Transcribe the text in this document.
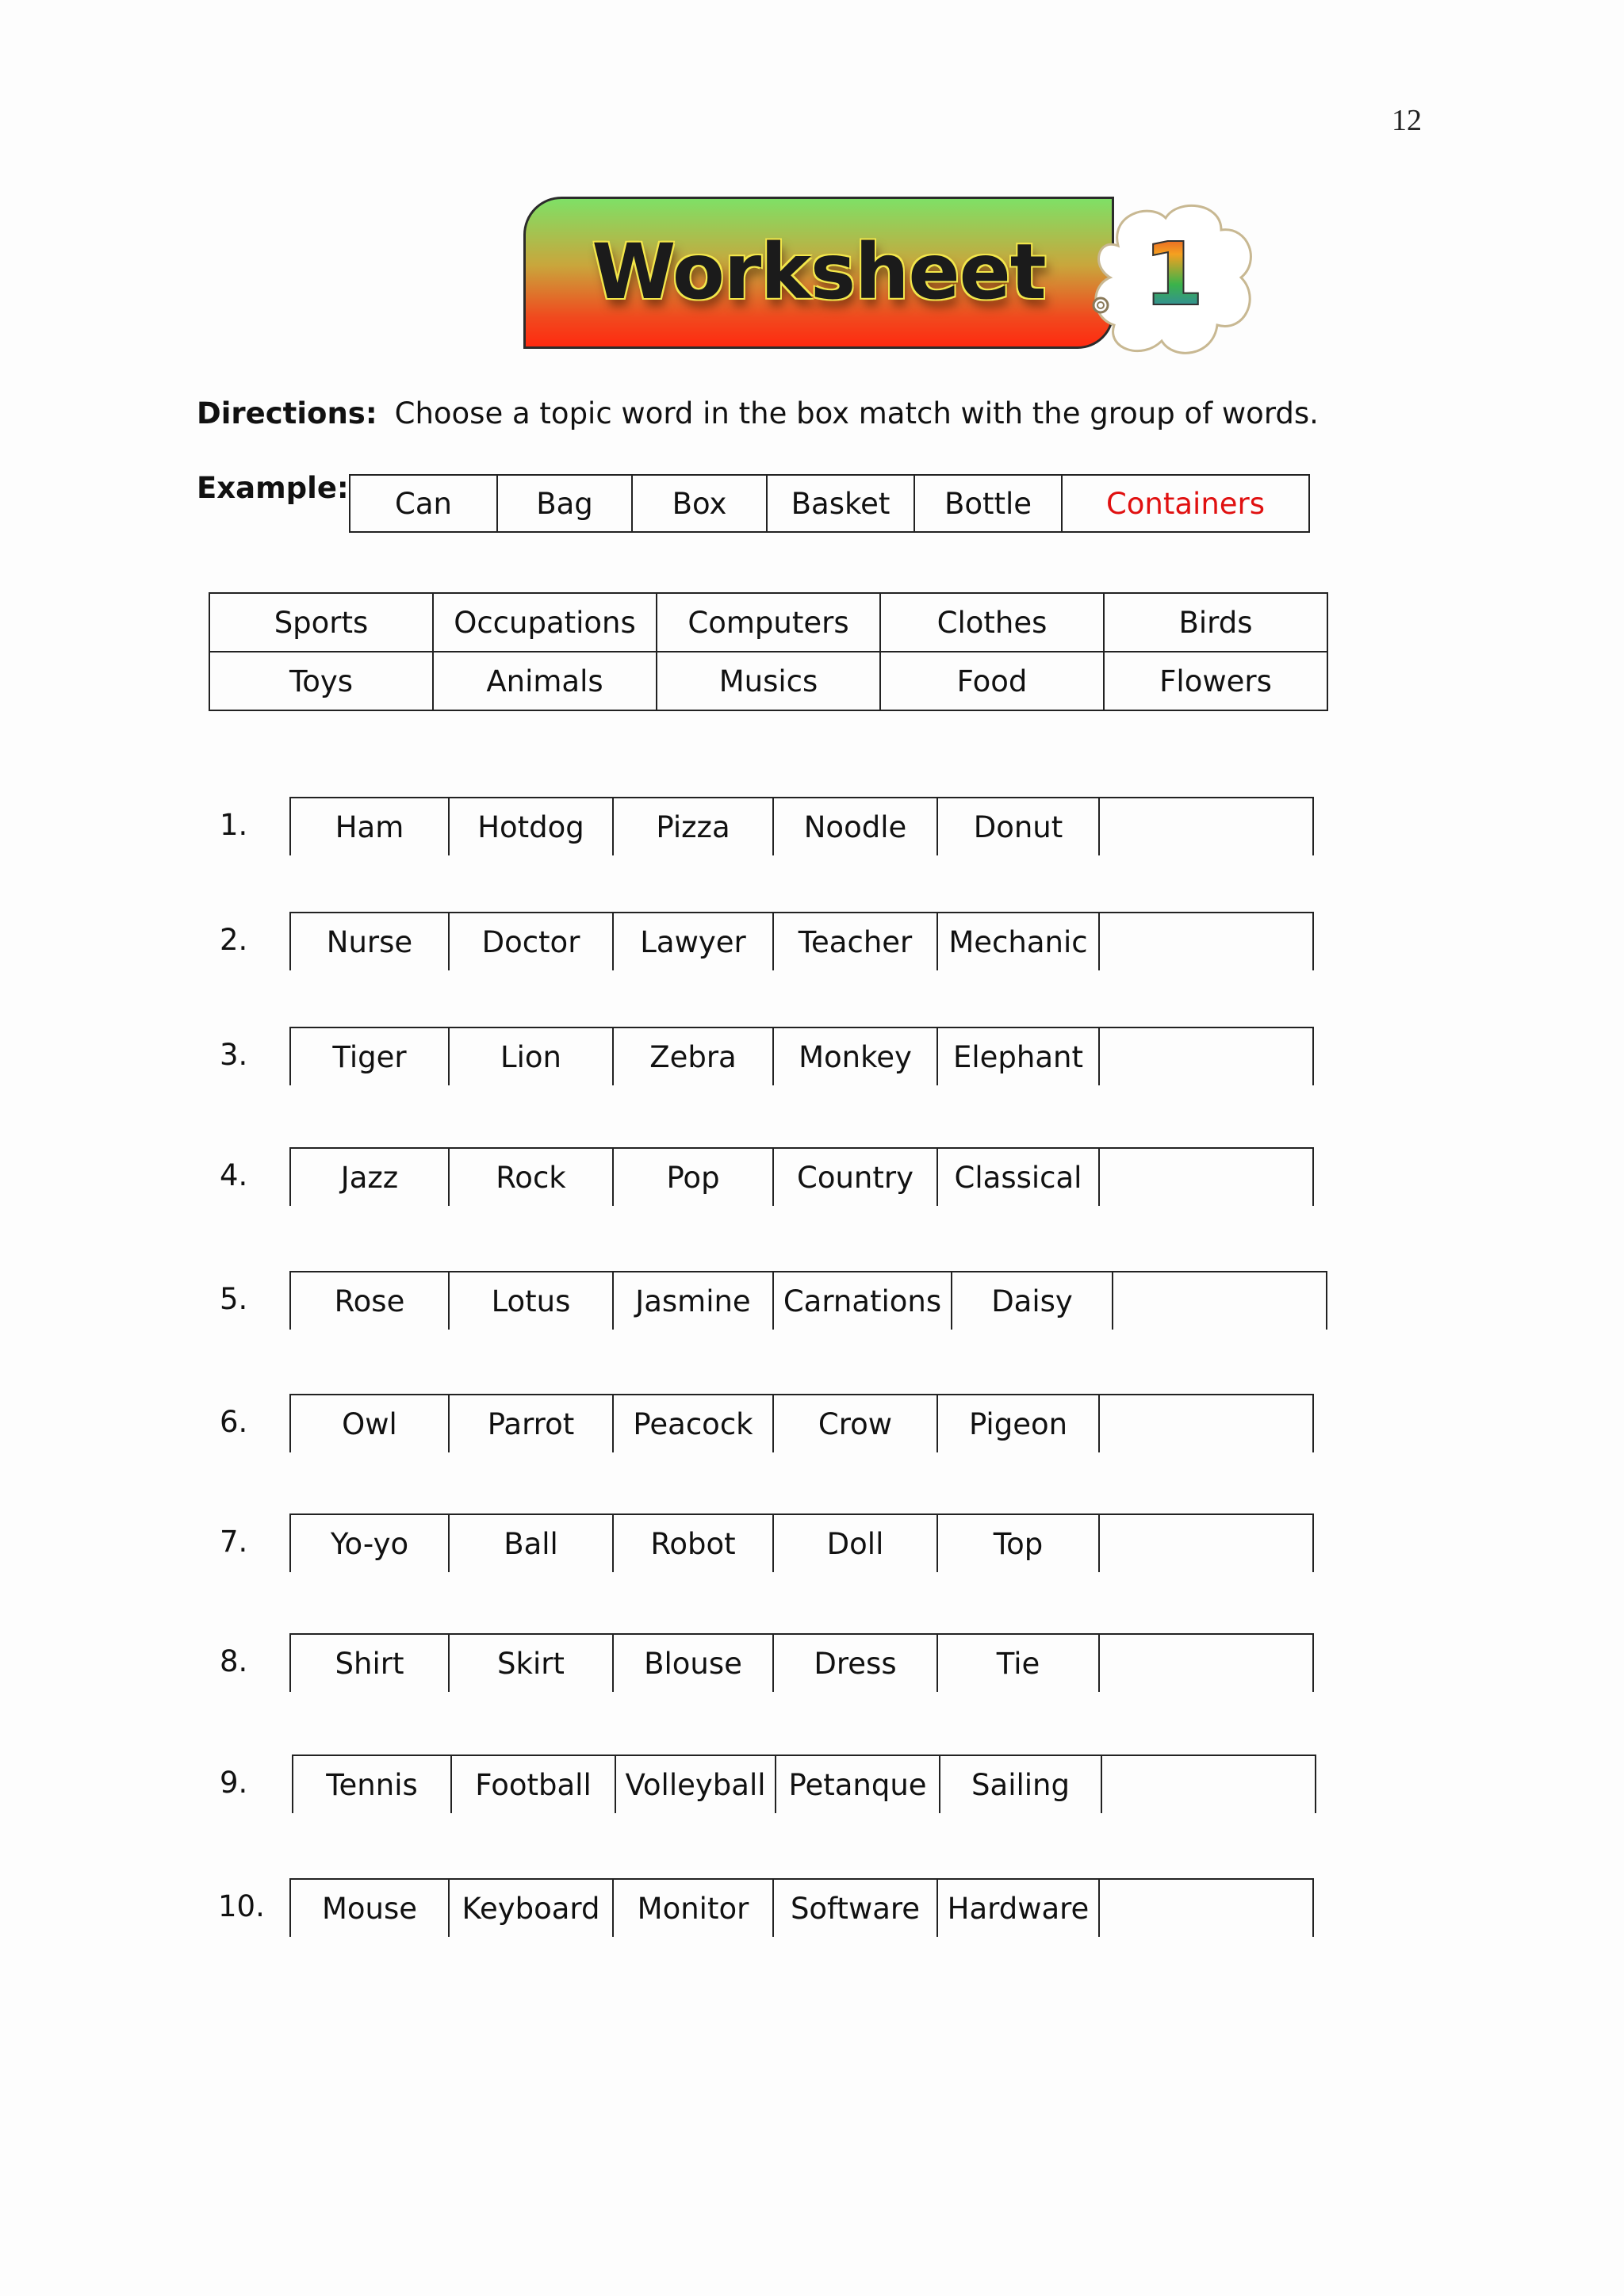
12
Worksheet	1
Directions: Choose a topic word in the box match with the group of words.
Example: Can	Bag	Box	Basket	Bottle	Containers
Sports	Occupations	Computers	Clothes	Birds
Toys	Animals	Musics	Food	Flowers
1.	Ham	Hotdog	Pizza	Noodle	Donut	
2.	Nurse	Doctor	Lawyer	Teacher	Mechanic	
3.	Tiger	Lion	Zebra	Monkey	Elephant	
4.	Jazz	Rock	Pop	Country	Classical	
5.	Rose	Lotus	Jasmine	Carnations	Daisy	
6.	Owl	Parrot	Peacock	Crow	Pigeon	
7.	Yo-yo	Ball	Robot	Doll	Top	
8.	Shirt	Skirt	Blouse	Dress	Tie	
9.	Tennis	Football	Volleyball	Petanque	Sailing	
10. Mouse	Keyboard	Monitor	Software	Hardware	
